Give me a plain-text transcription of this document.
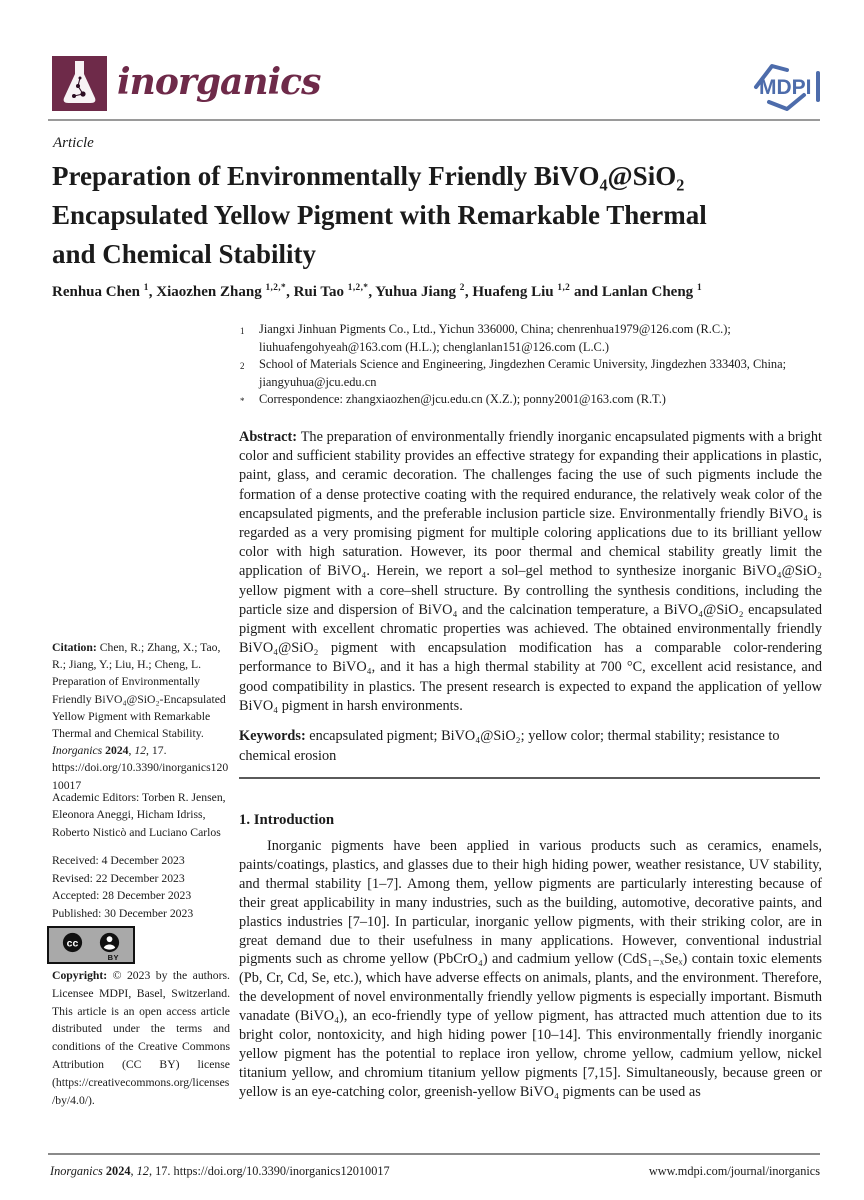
inorganics	MDPI
Article
Preparation of Environmentally Friendly BiVO₄@SiO₂
Encapsulated Yellow Pigment with Remarkable Thermal
and Chemical Stability
Renhua Chen $^1$, Xiaozhen Zhang $^{1,2,*}$, Rui Tao $^{1,2,*}$, Yuhua Jiang $^2$, Huafeng Liu $^{1,2}$ and Lanlan Cheng $^1$
1	Jiangxi Jinhuan Pigments Co., Ltd., Yichun 336000, China; chenrenhua1979@126.com (R.C.); liuhuafengohyeah@163.com (H.L.); chenglanlan151@126.com (L.C.)
2	School of Materials Science and Engineering, Jingdezhen Ceramic University, Jingdezhen 333403, China; jiangyuhua@jcu.edu.cn
*	Correspondence: zhangxiaozhen@jcu.edu.cn (X.Z.); ponny2001@163.com (R.T.)
Abstract: The preparation of environmentally friendly inorganic encapsulated pigments with a bright color and sufficient stability provides an effective strategy for expanding their applications in plastic, paint, glass, and ceramic decoration. The challenges facing the use of such pigments include the formation of a dense protective coating with the required endurance, the relatively weak color of the encapsulated pigments, and the preferable inclusion particle size. Environmentally friendly BiVO₄ is regarded as a very promising pigment for multiple coloring applications due to its brilliant yellow color with high saturation. However, its poor thermal and chemical stability greatly limit the application of BiVO₄. Herein, we report a sol–gel method to synthesize inorganic BiVO₄@SiO₂ yellow pigment with a core–shell structure. By controlling the synthesis conditions, including the particle size and dispersion of BiVO₄ and the calcination temperature, a BiVO₄@SiO₂ encapsulated pigment with excellent chromatic properties was achieved. The obtained environmentally friendly BiVO₄@SiO₂ pigment with encapsulation modification has a comparable color-rendering performance to BiVO₄, and it has a high thermal stability at 700 °C, excellent acid resistance, and good compatibility in plastics. The present research is expected to expand the application of yellow BiVO₄ pigment in harsh environments.
Keywords: encapsulated pigment; BiVO₄@SiO₂; yellow color; thermal stability; resistance to chemical erosion
1. Introduction
Inorganic pigments have been applied in various products such as ceramics, enamels, paints/coatings, plastics, and glasses due to their high hiding power, weather resistance, UV stability, and thermal stability [1–7]. Among them, yellow pigments are particularly interesting because of their great applicability in many industries, such as the building, automotive, decorative paints, and plastics industries [7–10]. In particular, inorganic yellow pigments, with their striking color, are in great demand due to their usefulness in many applications. However, conventional industrial pigments such as chrome yellow (PbCrO₄) and cadmium yellow (CdS₁₋ₓSeₓ) contain toxic elements (Pb, Cr, Cd, Se, etc.), which have adverse effects on animals, plants, and the environment. Therefore, the development of novel environmentally friendly yellow pigments is especially important. Bismuth vanadate (BiVO₄), an eco-friendly type of yellow pigment, has attracted much attention due to its bright color, nontoxicity, and high hiding power [10–14]. This environmentally friendly inorganic yellow pigment has the potential to replace iron yellow, chrome yellow, cadmium yellow, nickel titanium yellow, and chromium titanium yellow pigments [7,15]. Simultaneously, because green or yellow is an eye-catching color, greenish-yellow BiVO₄ pigments can be used as
Citation: Chen, R.; Zhang, X.; Tao, R.; Jiang, Y.; Liu, H.; Cheng, L. Preparation of Environmentally Friendly BiVO₄@SiO₂-Encapsulated Yellow Pigment with Remarkable Thermal and Chemical Stability. Inorganics 2024, 12, 17. https://doi.org/10.3390/inorganics12010017
Academic Editors: Torben R. Jensen, Eleonora Aneggi, Hicham Idriss, Roberto Nisticò and Luciano Carlos
Received: 4 December 2023
Revised: 22 December 2023
Accepted: 28 December 2023
Published: 30 December 2023
cc
BY
Copyright: © 2023 by the authors. Licensee MDPI, Basel, Switzerland. This article is an open access article distributed under the terms and conditions of the Creative Commons Attribution (CC BY) license (https://creativecommons.org/licenses/by/4.0/).
Inorganics 2024, 12, 17. https://doi.org/10.3390/inorganics12010017	www.mdpi.com/journal/inorganics
